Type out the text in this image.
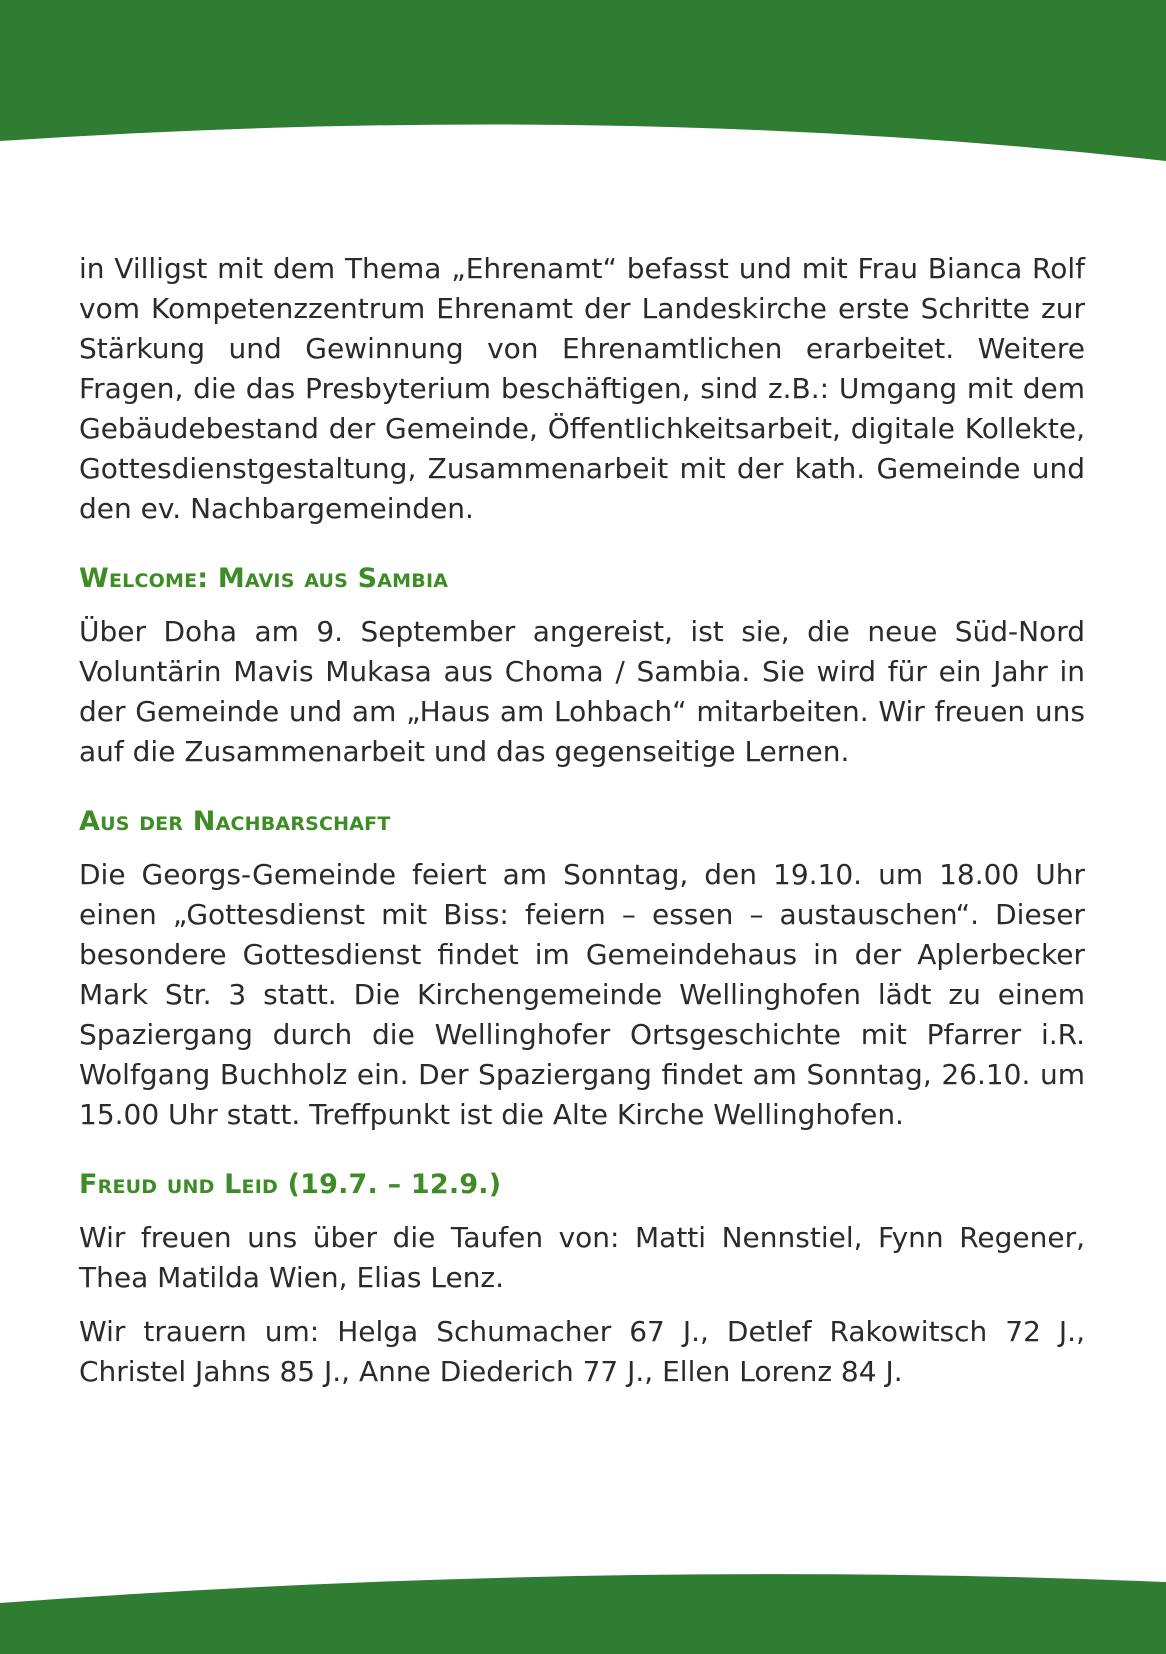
in Villigst mit dem Thema „Ehrenamt“ befasst und mit Frau Bianca Rolf vom Kompetenzzentrum Ehrenamt der Landeskirche erste Schritte zur Stärkung und Gewinnung von Ehrenamtlichen erarbeitet. Weitere Fragen, die das Presbyterium beschäftigen, sind z.B.: Umgang mit dem Gebäudebestand der Gemeinde, Öffentlichkeitsarbeit, digitale Kollekte, Gottesdienstgestaltung, Zusammenarbeit mit der kath. Gemeinde und den ev. Nachbargemeinden.

Welcome: Mavis aus Sambia

Über Doha am 9. September angereist, ist sie, die neue Süd-Nord Voluntärin Mavis Mukasa aus Choma / Sambia. Sie wird für ein Jahr in der Gemeinde und am „Haus am Lohbach“ mitarbeiten. Wir freuen uns auf die Zusammenarbeit und das gegenseitige Lernen.

Aus der Nachbarschaft

Die Georgs-Gemeinde feiert am Sonntag, den 19.10. um 18.00 Uhr einen „Gottesdienst mit Biss: feiern – essen – austauschen“. Dieser besondere Gottesdienst findet im Gemeindehaus in der Aplerbecker Mark Str. 3 statt. Die Kirchengemeinde Wellinghofen lädt zu einem Spaziergang durch die Wellinghofer Ortsgeschichte mit Pfarrer i.R. Wolfgang Buchholz ein. Der Spaziergang findet am Sonntag, 26.10. um 15.00 Uhr statt. Treffpunkt ist die Alte Kirche Wellinghofen.

Freud und Leid (19.7. – 12.9.)

Wir freuen uns über die Taufen von: Matti Nennstiel, Fynn Regener, Thea Matilda Wien, Elias Lenz.

Wir trauern um: Helga Schumacher 67 J., Detlef Rakowitsch 72 J., Christel Jahns 85 J., Anne Diederich 77 J., Ellen Lorenz 84 J.
